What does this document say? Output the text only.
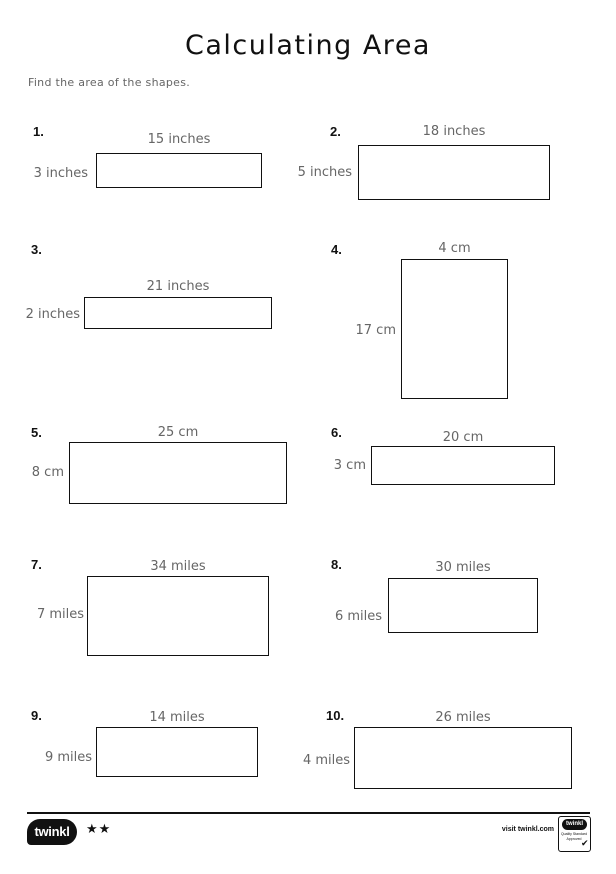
Calculating Area
Find the area of the shapes.
1.
15 inches
3 inches
2.	18 inches
5 inches
3.
21 inches
2 inches
4.	4 cm
17 cm
5.	25 cm
8 cm
6.	20 cm
3 cm
7.	34 miles
7 miles
8.	30 miles
6 miles
9.	14 miles
9 miles
10.	26 miles
4 miles
twinkl	★★	visit twinkl.com
twinkl
Quality Standard Approved ✔
